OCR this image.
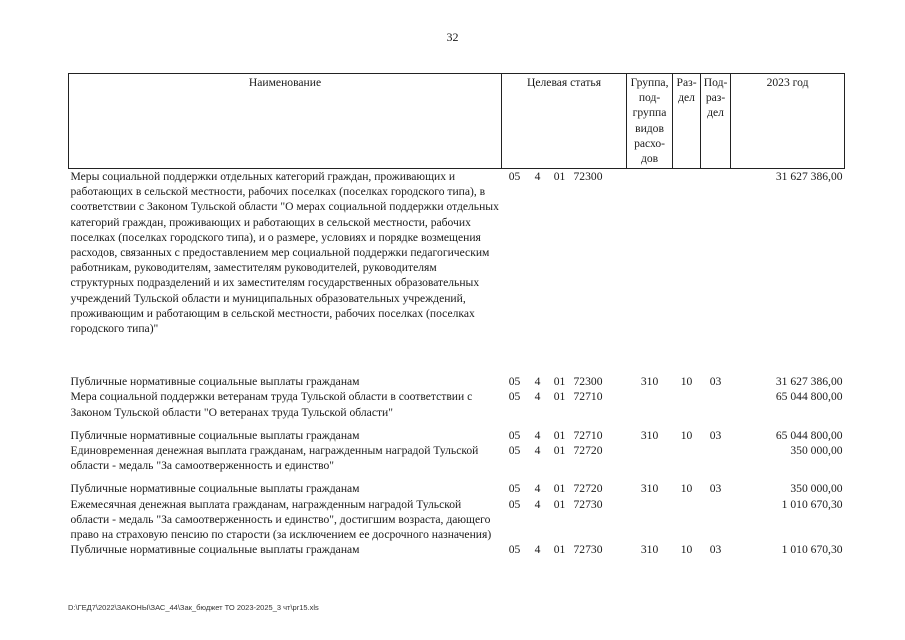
32
Наименование	Целевая статья				Группа, под- группа видов расхо- дов	Раз- дел	Под- раз- дел	2023 год
Меры социальной поддержки отдельных категорий граждан, проживающих и работающих в сельской местности, рабочих поселках (поселках городского типа), в соответствии с Законом Тульской области "О мерах социальной поддержки отдельных категорий граждан, проживающих и работающих в сельской местности, рабочих поселках (поселках городского типа), и о размере, условиях и порядке возмещения расходов, связанных с предоставлением мер социальной поддержки педагогическим работникам, руководителям, заместителям руководителей, руководителям структурных подразделений и их заместителям государственных образовательных учреждений Тульской области и муниципальных образовательных учреждений, проживающим и работающим в сельской местности, рабочих поселках (поселках городского типа)"	05	4	01	72300				31 627 386,00

Публичные нормативные социальные выплаты гражданам	05	4	01	72300	310	10	03	31 627 386,00
Мера социальной поддержки ветеранам труда Тульской области в соответствии с Законом Тульской области "О ветеранах труда Тульской области"	05	4	01	72710				65 044 800,00

Публичные нормативные социальные выплаты гражданам	05	4	01	72710	310	10	03	65 044 800,00
Единовременная денежная выплата гражданам, награжденным наградой Тульской области - медаль "За самоотверженность и единство"	05	4	01	72720				350 000,00

Публичные нормативные социальные выплаты гражданам	05	4	01	72720	310	10	03	350 000,00
Ежемесячная денежная выплата гражданам, награжденным наградой Тульской области - медаль "За самоотверженность и единство", достигшим возраста, дающего право на страховую пенсию по старости (за исключением ее досрочного назначения)	05	4	01	72730				1 010 670,30
Публичные нормативные социальные выплаты гражданам	05	4	01	72730	310	10	03	1 010 670,30
D:\ГЕД7\2022\ЗАКОНЫ\ЗАС_44\Зак_бюджет ТО 2023-2025_3 чт\pr15.xls
